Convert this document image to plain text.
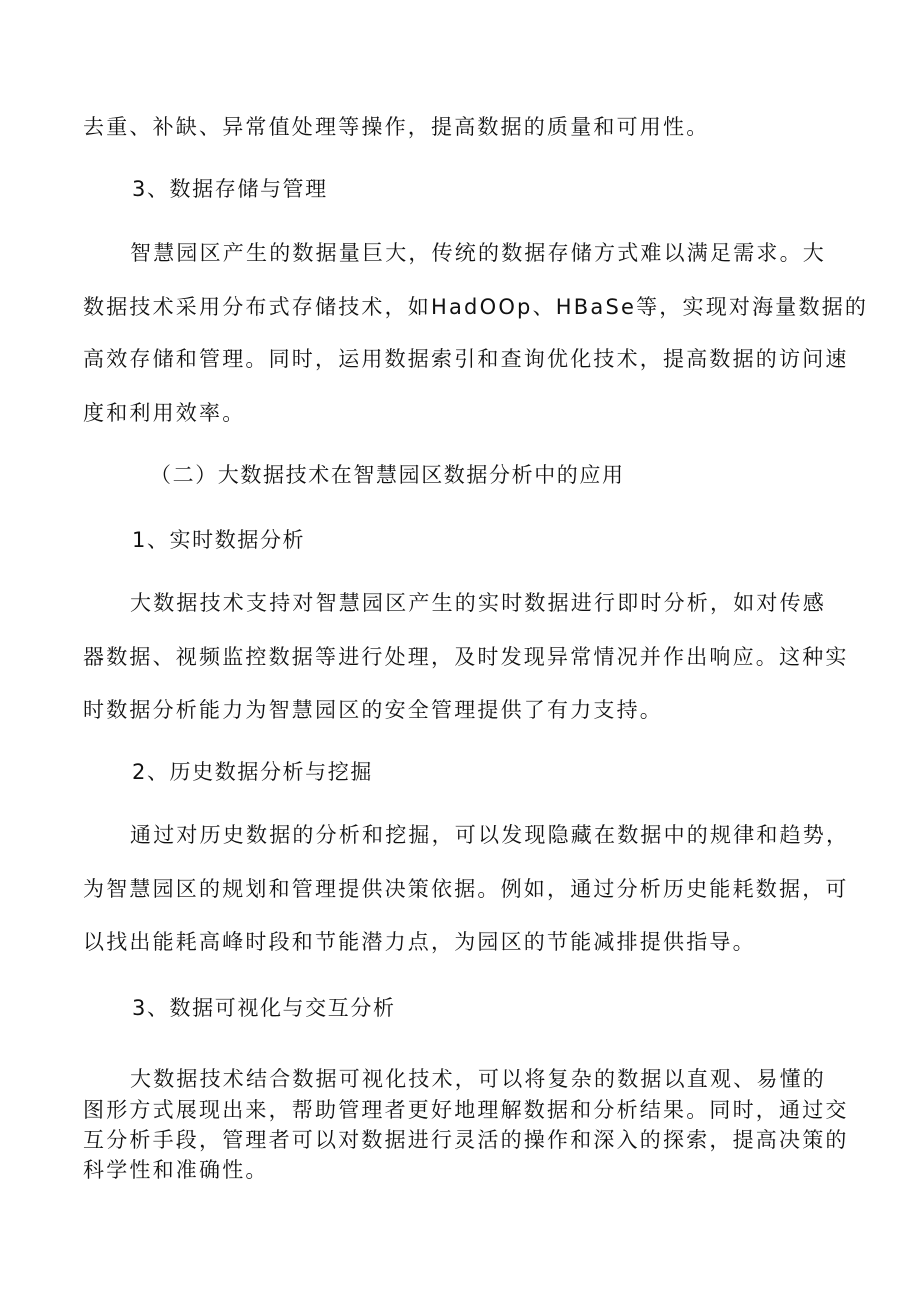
去重、补缺、异常值处理等操作，提高数据的质量和可用性。
3、数据存储与管理
智慧园区产生的数据量巨大，传统的数据存储方式难以满足需求。大
数据技术采用分布式存储技术，如HadOOp、HBaSe等，实现对海量数据的
高效存储和管理。同时，运用数据索引和查询优化技术，提高数据的访问速
度和利用效率。
（二）大数据技术在智慧园区数据分析中的应用
1、实时数据分析
大数据技术支持对智慧园区产生的实时数据进行即时分析，如对传感
器数据、视频监控数据等进行处理，及时发现异常情况并作出响应。这种实
时数据分析能力为智慧园区的安全管理提供了有力支持。
2、历史数据分析与挖掘
通过对历史数据的分析和挖掘，可以发现隐藏在数据中的规律和趋势，
为智慧园区的规划和管理提供决策依据。例如，通过分析历史能耗数据，可
以找出能耗高峰时段和节能潜力点，为园区的节能减排提供指导。
3、数据可视化与交互分析
大数据技术结合数据可视化技术，可以将复杂的数据以直观、易懂的
图形方式展现出来，帮助管理者更好地理解数据和分析结果。同时，通过交
互分析手段，管理者可以对数据进行灵活的操作和深入的探索，提高决策的
科学性和准确性。
